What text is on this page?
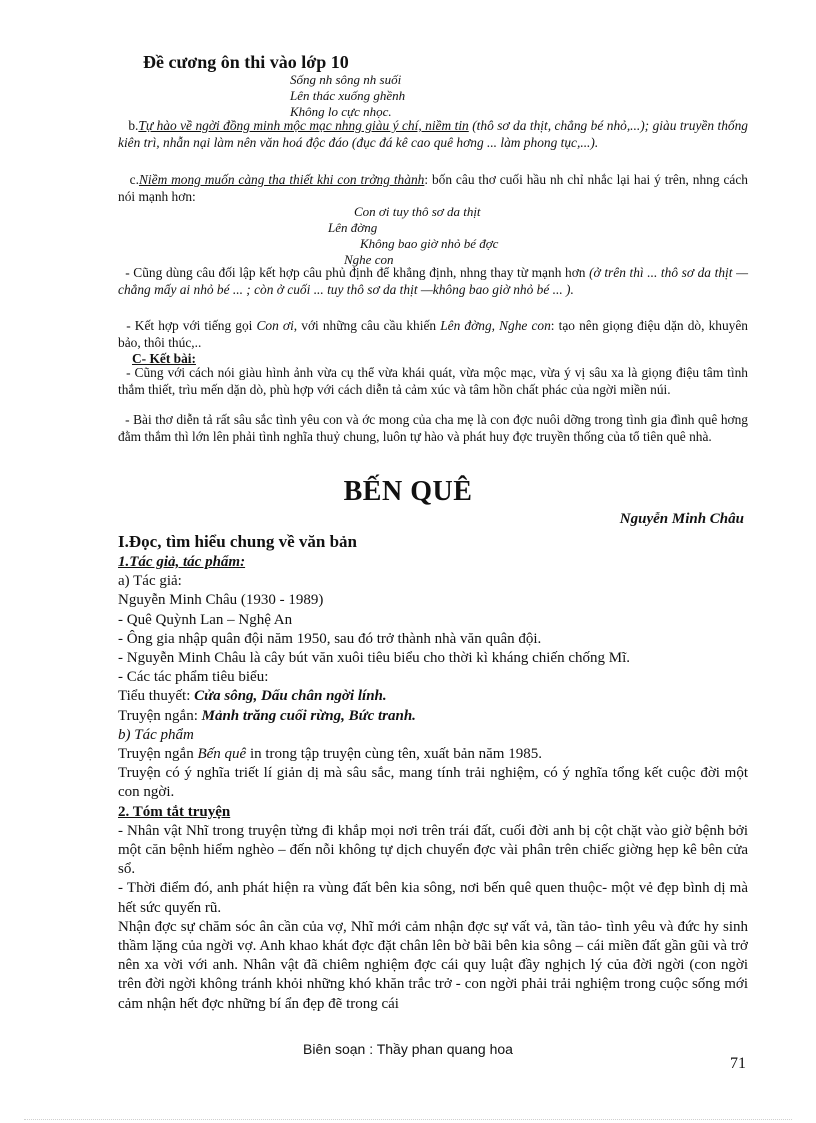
Đề cương ôn thi vào lớp 10
Sống nh sông nh suối
Lên thác xuống ghềnh
Không lo cực nhọc.
b.Tự hào về ngời đồng minh mộc mạc nhng giàu ý chí, niềm tin (thô sơ da thịt, chẳng bé nhỏ,...); giàu truyền thống kiên trì, nhẫn nại làm nên văn hoá độc đáo (đục đá kê cao quê hơng ... làm phong tục,...).
c.Niềm mong muốn càng tha thiết khi con trởng thành: bốn câu thơ cuối hầu nh chỉ nhắc lại hai ý trên, nhng cách nói mạnh hơn:
Con ơi tuy thô sơ da thịt
Lên đờng
Không bao giờ nhỏ bé đợc
Nghe con
- Cũng dùng câu đối lập kết hợp câu phủ định để khẳng định, nhng thay từ mạnh hơn (ở trên thì ... thô sơ da thịt —chẳng mấy ai nhỏ bé ... ; còn ở cuối ... tuy thô sơ da thịt —không bao giờ nhỏ bé ... ).
- Kết hợp với tiếng gọi Con ơi, với những câu cầu khiến Lên đờng, Nghe con: tạo nên giọng điệu dặn dò, khuyên bảo, thôi thúc,..
C- Kết bài:
- Cũng với cách nói giàu hình ảnh vừa cụ thể vừa khái quát, vừa mộc mạc, vừa ý vị sâu xa là giọng điệu tâm tình thắm thiết, trìu mến dặn dò, phù hợp với cách diễn tả cảm xúc và tâm hồn chất phác của ngời miền núi.
- Bài thơ diễn tả rất sâu sắc tình yêu con và ớc mong của cha mẹ là con đợc nuôi dỡng trong tình gia đình quê hơng đằm thắm thì lớn lên phải tình nghĩa thuỷ chung, luôn tự hào và phát huy đợc truyền thống của tổ tiên quê nhà.
BẾN QUÊ
Nguyễn Minh Châu
I.Đọc, tìm hiểu chung về văn bản
1.Tác giả, tác phẩm:
a) Tác giả:
Nguyễn Minh Châu (1930 - 1989)
- Quê Quỳnh Lan – Nghệ An
- Ông gia nhập quân đội năm 1950, sau đó trở thành nhà văn quân đội.
- Nguyễn Minh Châu là cây bút văn xuôi tiêu biểu cho thời kì kháng chiến chống Mĩ.
- Các tác phẩm tiêu biểu:
Tiểu thuyết: Cửa sông, Dấu chân ngời lính.
Truyện ngắn: Mảnh trăng cuối rừng, Bức tranh.
b) Tác phẩm
Truyện ngắn Bến quê in trong tập truyện cùng tên, xuất bản năm 1985.
Truyện có ý nghĩa triết lí giản dị mà sâu sắc, mang tính trải nghiệm, có ý nghĩa tổng kết cuộc đời một con ngời.
2. Tóm tắt truyện
- Nhân vật Nhĩ trong truyện từng đi khắp mọi nơi trên trái đất, cuối đời anh bị cột chặt vào giờ bệnh bởi một căn bệnh hiểm nghèo – đến nỗi không tự dịch chuyển đợc vài phân trên chiếc giờng hẹp kê bên cửa sổ.
- Thời điểm đó, anh phát hiện ra vùng đất bên kia sông, nơi bến quê quen thuộc- một vẻ đẹp bình dị mà hết sức quyến rũ.
Nhận đợc sự chăm sóc ân cần của vợ, Nhĩ mới cảm nhận đợc sự vất vả, tần tảo- tình yêu và đức hy sinh thầm lặng của ngời vợ. Anh khao khát đợc đặt chân lên bờ bãi bên kia sông – cái miền đất gần gũi và trở nên xa vời với anh. Nhân vật đã chiêm nghiệm đợc cái quy luật đầy nghịch lý của đời ngời (con ngời trên đời ngời không tránh khỏi những khó khăn trắc trở - con ngời phải trải nghiệm trong cuộc sống mới cảm nhận hết đợc những bí ẩn đẹp đẽ trong cái
Biên soạn : Thầy phan quang hoa
71
